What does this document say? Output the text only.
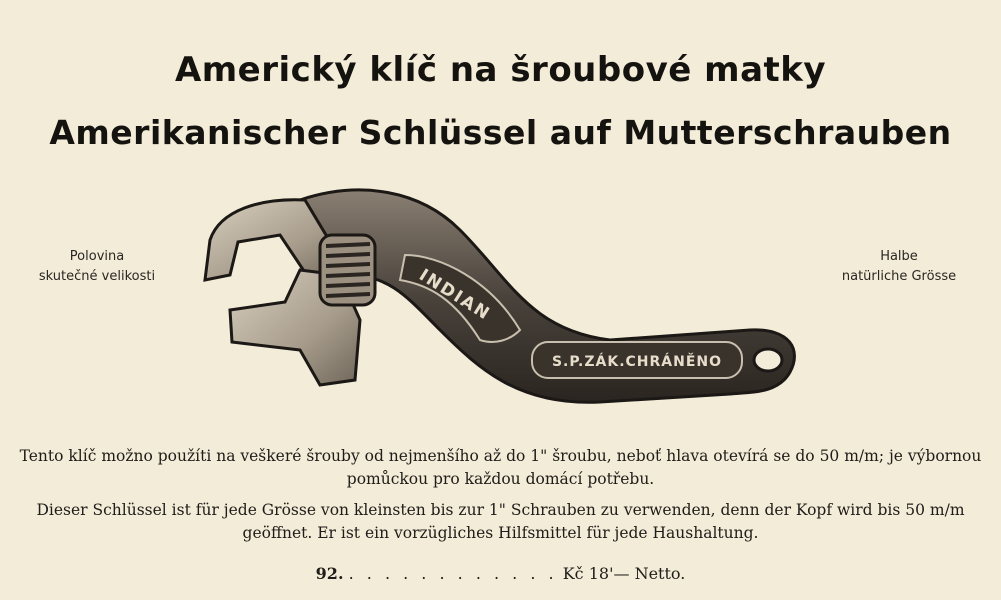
Americký klíč na šroubové matky
Amerikanischer Schlüssel auf Mutterschrauben
Polovina
skutečné velikosti
Halbe
natürliche Grösse
INDIAN
S.P.ZÁK.CHRÁNĚNO
Tento klíč možno použíti na veškeré šrouby od nejmenšího až do 1" šroubu, neboť hlava otevírá se do 50 m/m; je výbornou pomůckou pro každou domácí potřebu.
Dieser Schlüssel ist für jede Grösse von kleinsten bis zur 1" Schrauben zu verwenden, denn der Kopf wird bis 50 m/m geöffnet. Er ist ein vorzügliches Hilfsmittel für jede Haushaltung.
92. . . . . . . . . . . . . Kč 18'— Netto.
